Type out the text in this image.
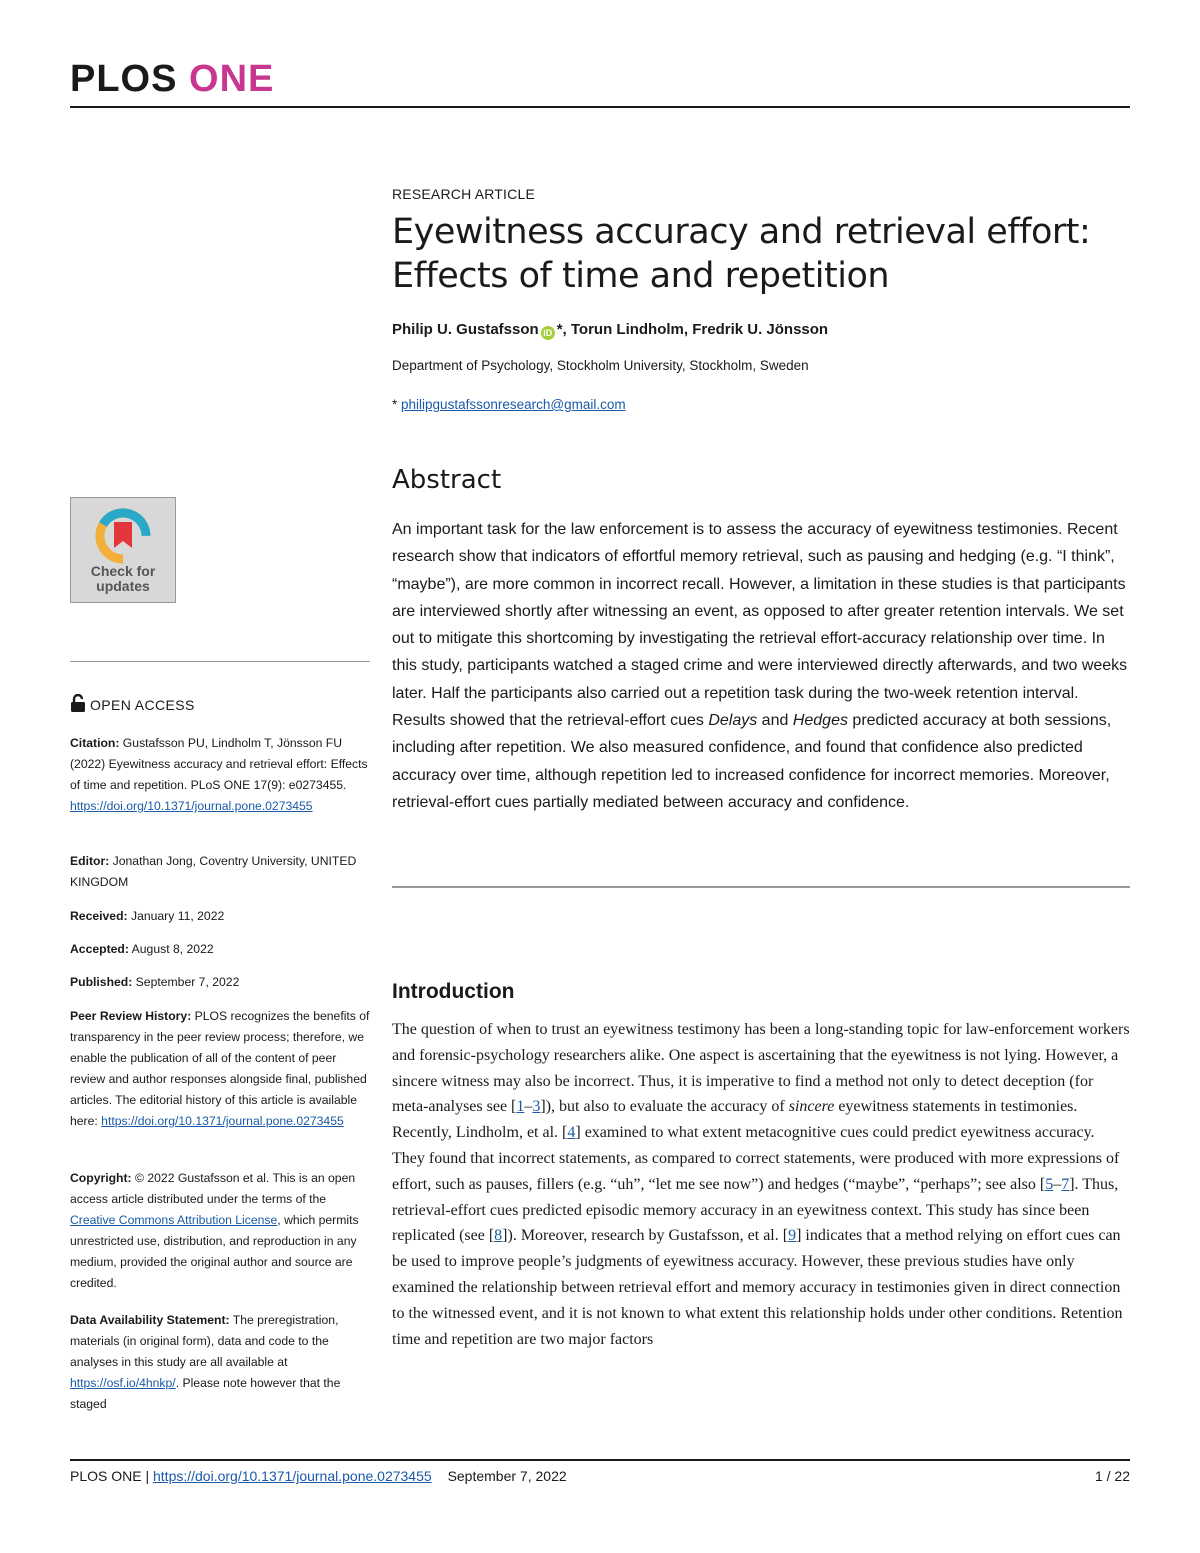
PLOS ONE
RESEARCH ARTICLE
Eyewitness accuracy and retrieval effort:
Effects of time and repetition
Philip U. Gustafsson iD *, Torun Lindholm, Fredrik U. Jönsson
Department of Psychology, Stockholm University, Stockholm, Sweden
* philipgustafssonresearch@gmail.com
Abstract

An important task for the law enforcement is to assess the accuracy of eyewitness testimonies. Recent research show that indicators of effortful memory retrieval, such as pausing and hedging (e.g. “I think”, “maybe”), are more common in incorrect recall. However, a limitation in these studies is that participants are interviewed shortly after witnessing an event, as opposed to after greater retention intervals. We set out to mitigate this shortcoming by investigating the retrieval effort-accuracy relationship over time. In this study, participants watched a staged crime and were interviewed directly afterwards, and two weeks later. Half the participants also carried out a repetition task during the two-week retention interval. Results showed that the retrieval-effort cues Delays and Hedges predicted accuracy at both sessions, including after repetition. We also measured confidence, and found that confidence also predicted accuracy over time, although repetition led to increased confidence for incorrect memories. Moreover, retrieval-effort cues partially mediated between accuracy and confidence.

Introduction

The question of when to trust an eyewitness testimony has been a long-standing topic for law-enforcement workers and forensic-psychology researchers alike. One aspect is ascertaining that the eyewitness is not lying. However, a sincere witness may also be incorrect. Thus, it is imperative to find a method not only to detect deception (for meta-analyses see [1–3]), but also to evaluate the accuracy of sincere eyewitness statements in testimonies. Recently, Lindholm, et al. [4] examined to what extent metacognitive cues could predict eyewitness accuracy. They found that incorrect statements, as compared to correct statements, were produced with more expressions of effort, such as pauses, fillers (e.g. “uh”, “let me see now”) and hedges (“maybe”, “perhaps”; see also [5–7]. Thus, retrieval-effort cues predicted episodic memory accuracy in an eyewitness context. This study has since been replicated (see [8]). Moreover, research by Gustafsson, et al. [9] indicates that a method relying on effort cues can be used to improve people’s judgments of eyewitness accuracy. However, these previous studies have only examined the relationship between retrieval effort and memory accuracy in testimonies given in direct connection to the witnessed event, and it is not known to what extent this relationship holds under other conditions. Retention time and repetition are two major factors

Check for
updates
OPEN ACCESS
Citation: Gustafsson PU, Lindholm T, Jönsson FU (2022) Eyewitness accuracy and retrieval effort: Effects of time and repetition. PLoS ONE 17(9): e0273455. https://doi.org/10.1371/journal.pone.0273455
Editor: Jonathan Jong, Coventry University, UNITED KINGDOM
Received: January 11, 2022
Accepted: August 8, 2022
Published: September 7, 2022
Peer Review History: PLOS recognizes the benefits of transparency in the peer review process; therefore, we enable the publication of all of the content of peer review and author responses alongside final, published articles. The editorial history of this article is available here: https://doi.org/10.1371/journal.pone.0273455
Copyright: © 2022 Gustafsson et al. This is an open access article distributed under the terms of the Creative Commons Attribution License, which permits unrestricted use, distribution, and reproduction in any medium, provided the original author and source are credited.
Data Availability Statement: The preregistration, materials (in original form), data and code to the analyses in this study are all available at https://osf.io/4hnkp/. Please note however that the staged
PLOS ONE | https://doi.org/10.1371/journal.pone.0273455 September 7, 2022	1 / 22
